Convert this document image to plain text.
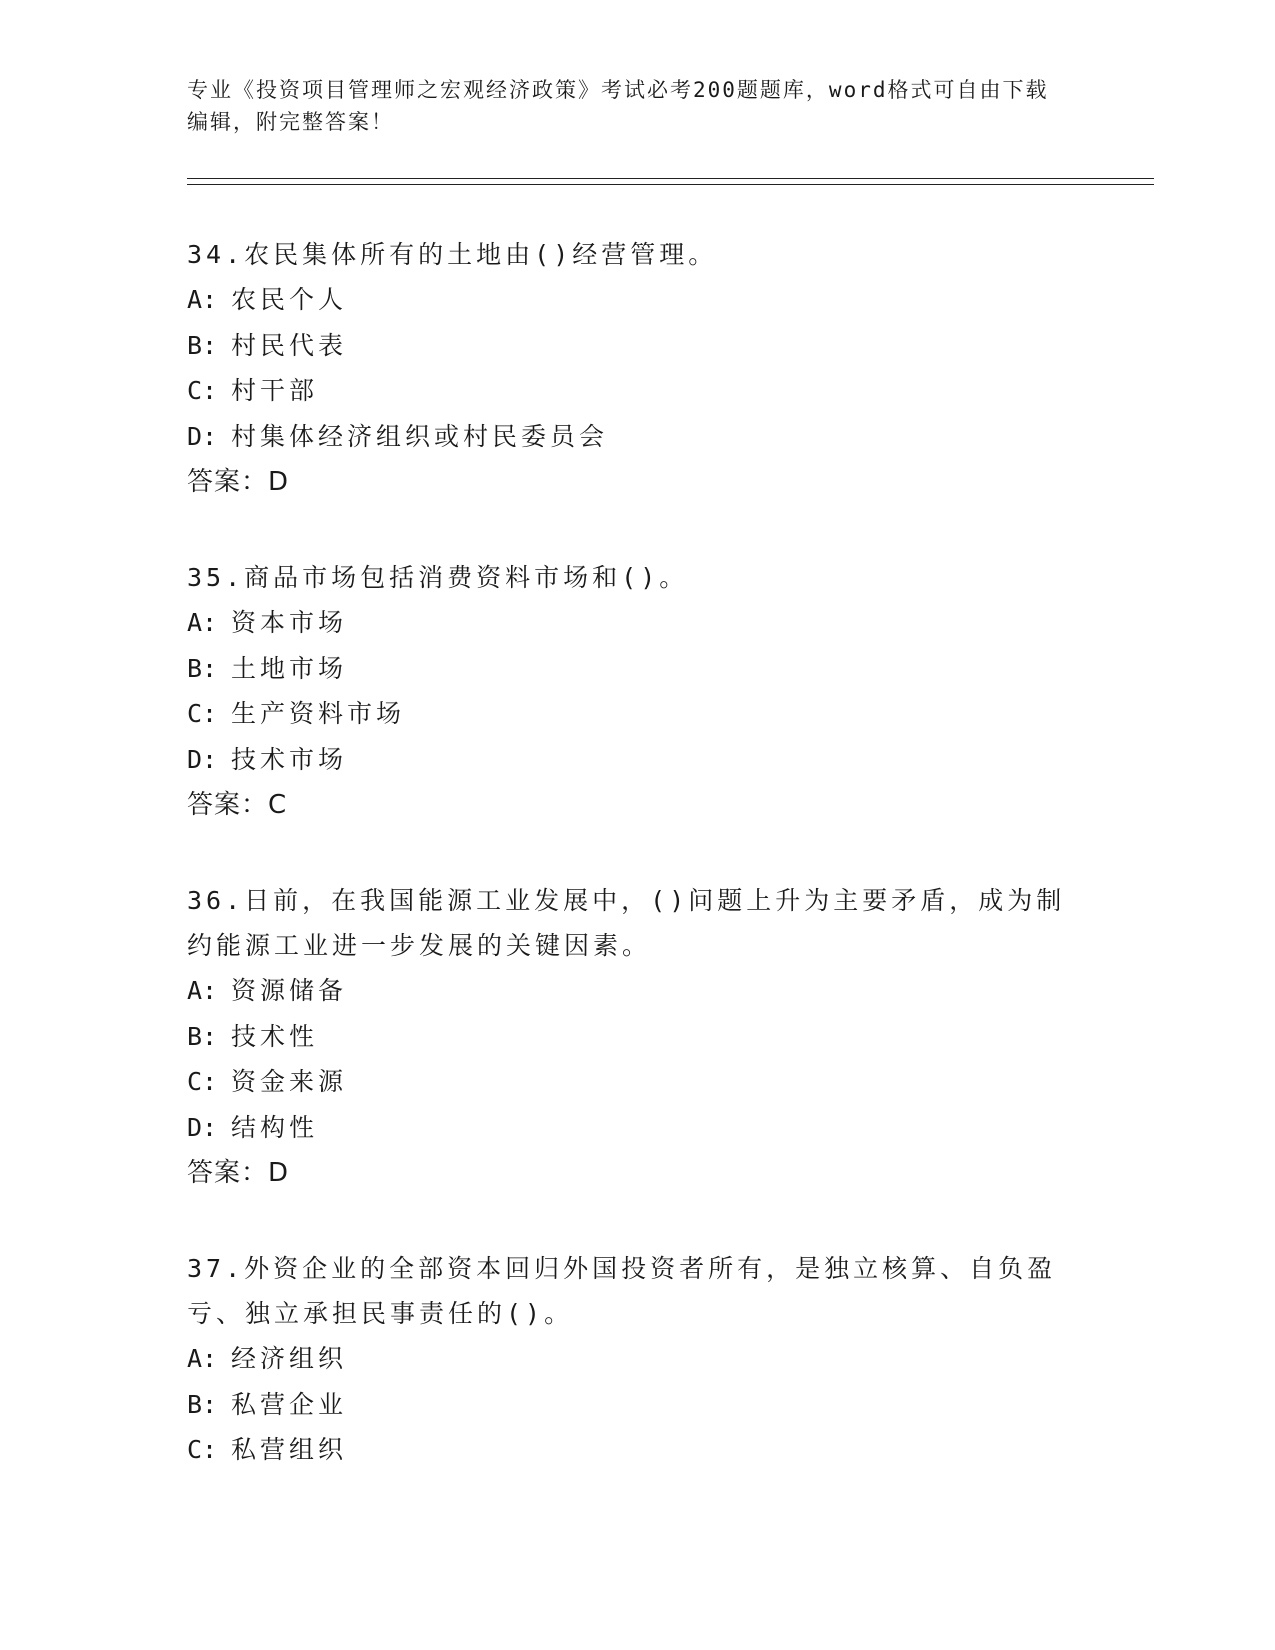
专业《投资项目管理师之宏观经济政策》考试必考200题题库，word格式可自由下载编辑，附完整答案！
34.农民集体所有的土地由()经营管理。
A: 农民个人
B: 村民代表
C: 村干部
D: 村集体经济组织或村民委员会
答案：D
35.商品市场包括消费资料市场和()。
A: 资本市场
B: 土地市场
C: 生产资料市场
D: 技术市场
答案：C
36.日前，在我国能源工业发展中，()问题上升为主要矛盾，成为制约能源工业进一步发展的关键因素。
A: 资源储备
B: 技术性
C: 资金来源
D: 结构性
答案：D
37.外资企业的全部资本回归外国投资者所有，是独立核算、自负盈亏、独立承担民事责任的()。
A: 经济组织
B: 私营企业
C: 私营组织
